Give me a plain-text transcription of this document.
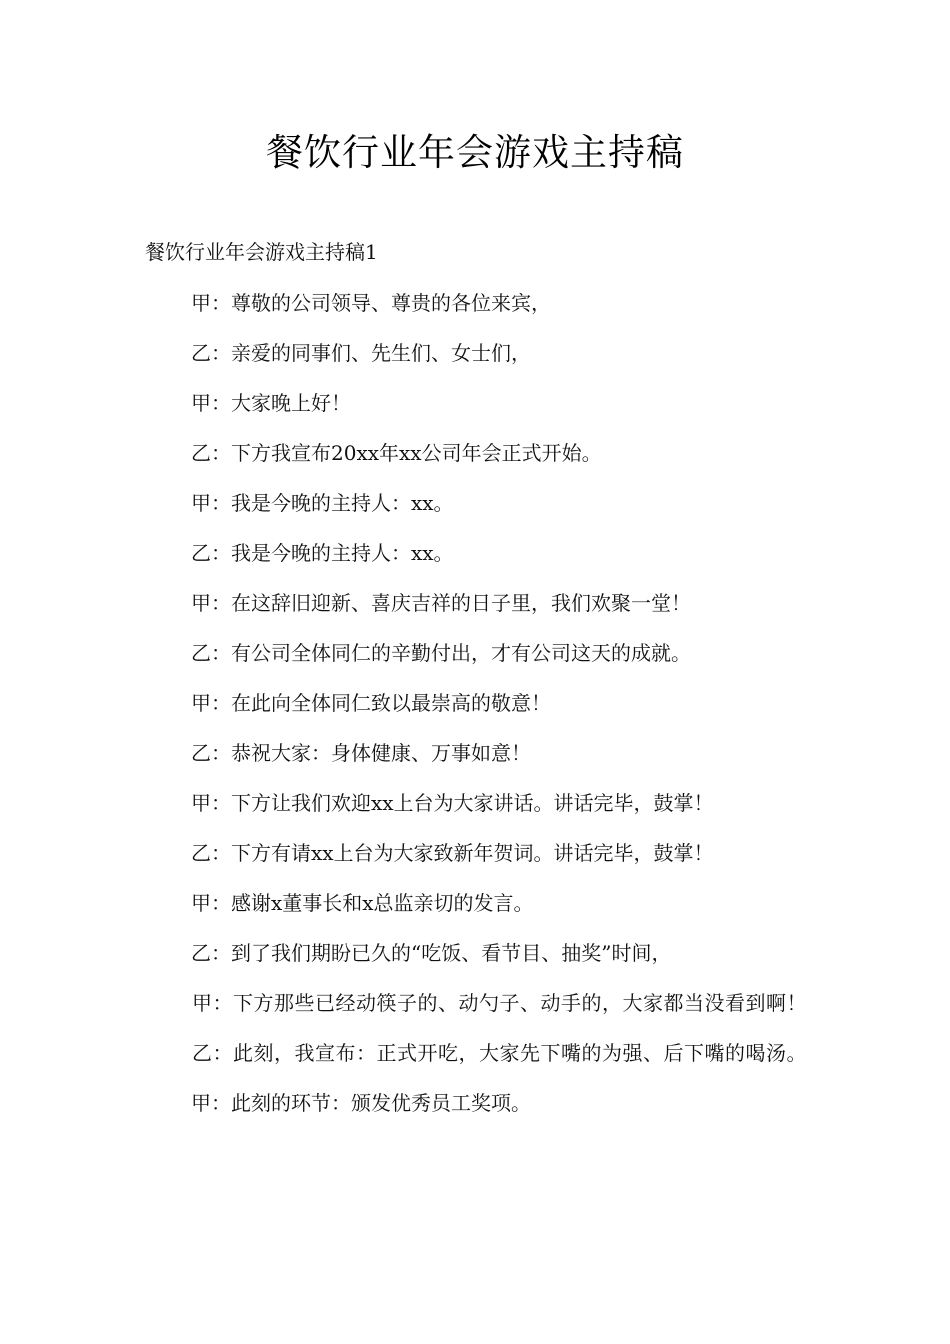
餐饮行业年会游戏主持稿

餐饮行业年会游戏主持稿1

甲：尊敬的公司领导、尊贵的各位来宾，

乙：亲爱的同事们、先生们、女士们，

甲：大家晚上好！

乙：下方我宣布20xx年xx公司年会正式开始。

甲：我是今晚的主持人：xx。

乙：我是今晚的主持人：xx。

甲：在这辞旧迎新、喜庆吉祥的日子里，我们欢聚一堂！

乙：有公司全体同仁的辛勤付出，才有公司这天的成就。

甲：在此向全体同仁致以最崇高的敬意！

乙：恭祝大家：身体健康、万事如意！

甲：下方让我们欢迎xx上台为大家讲话。讲话完毕，鼓掌！

乙：下方有请xx上台为大家致新年贺词。讲话完毕，鼓掌！

甲：感谢x董事长和x总监亲切的发言。

乙：到了我们期盼已久的“吃饭、看节目、抽奖”时间，

甲：下方那些已经动筷子的、动勺子、动手的，大家都当没看到啊！

乙：此刻，我宣布：正式开吃，大家先下嘴的为强、后下嘴的喝汤。

甲：此刻的环节：颁发优秀员工奖项。
